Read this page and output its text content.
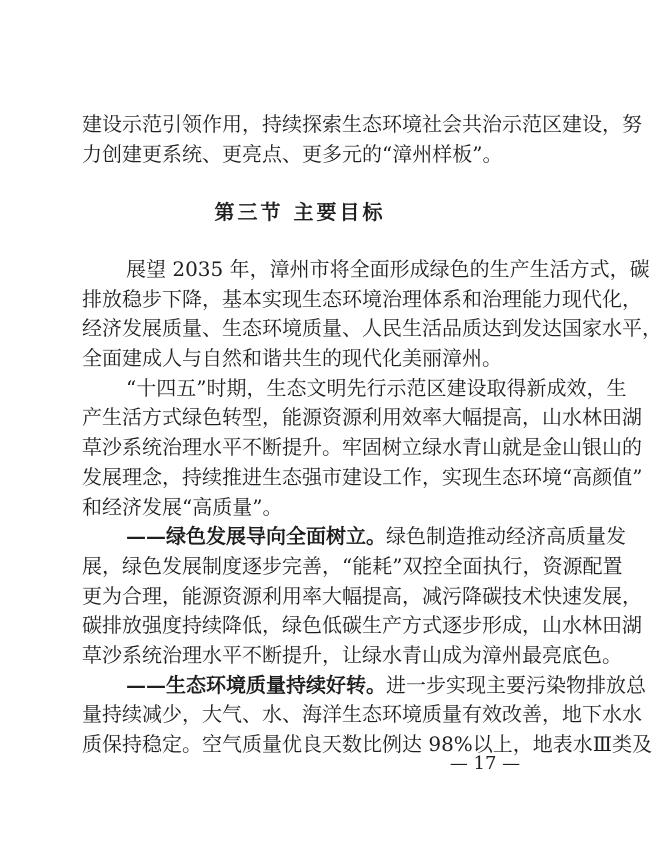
建设示范引领作用，持续探索生态环境社会共治示范区建设，努
力创建更系统、更亮点、更多元的“漳州样板”。
第三节 主要目标
展望 2035 年，漳州市将全面形成绿色的生产生活方式，碳
排放稳步下降，基本实现生态环境治理体系和治理能力现代化，
经济发展质量、生态环境质量、人民生活品质达到发达国家水平，
全面建成人与自然和谐共生的现代化美丽漳州。
“十四五”时期，生态文明先行示范区建设取得新成效，生
产生活方式绿色转型，能源资源利用效率大幅提高，山水林田湖
草沙系统治理水平不断提升。牢固树立绿水青山就是金山银山的
发展理念，持续推进生态强市建设工作，实现生态环境“高颜值”
和经济发展“高质量”。
——绿色发展导向全面树立。绿色制造推动经济高质量发
展，绿色发展制度逐步完善，“能耗”双控全面执行，资源配置
更为合理，能源资源利用率大幅提高，减污降碳技术快速发展，
碳排放强度持续降低，绿色低碳生产方式逐步形成，山水林田湖
草沙系统治理水平不断提升，让绿水青山成为漳州最亮底色。
——生态环境质量持续好转。进一步实现主要污染物排放总
量持续减少，大气、水、海洋生态环境质量有效改善，地下水水
质保持稳定。空气质量优良天数比例达 98%以上，地表水Ⅲ类及
— 17 —
